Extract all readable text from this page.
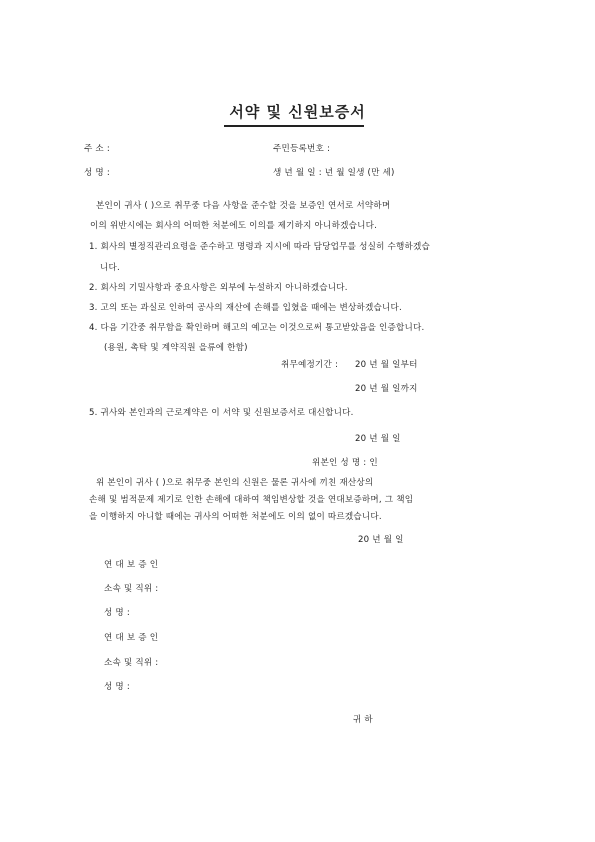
서약 및 신원보증서
주 소 :	주민등록번호 :
성 명 :	생 년 월 일 : 년 월 일생 (만 세)
본인이 귀사 ( )으로 취무중 다음 사항을 준수할 것을 보증인 연서로 서약하며
이의 위반시에는 회사의 어떠한 처분에도 이의를 제기하지 아니하겠습니다.
1. 회사의 별정직관리요령을 준수하고 명령과 지시에 따라 담당업무를 성실히 수행하겠습
니다.
2. 회사의 기밀사항과 중요사항은 외부에 누설하지 아니하겠습니다.
3. 고의 또는 과실로 인하여 공사의 재산에 손해를 입혔을 때에는 변상하겠습니다.
4. 다음 기간중 취무함을 확인하며 해고의 예고는 이것으로써 통고받았음을 인증합니다.
(용원, 촉탁 및 계약직원 을류에 한함)
취무예정기간 : 20 년 월 일부터
20 년 월 일까지
5. 귀사와 본인과의 근로계약은 이 서약 및 신원보증서로 대신합니다.
20 년 월 일
위본인 성 명 : 인
위 본인이 귀사 ( )으로 취무중 본인의 신원은 물론 귀사에 끼친 재산상의
손해 및 범적문제 제기로 인한 손해에 대하여 책임변상할 것을 연대보증하며, 그 책임
을 이행하지 아니할 때에는 귀사의 어떠한 처분에도 이의 없이 따르겠습니다.
20 년 월 일
연 대 보 증 인
소속 및 직위 :
성 명 :
연 대 보 증 인
소속 및 직위 :
성 명 :
귀 하
